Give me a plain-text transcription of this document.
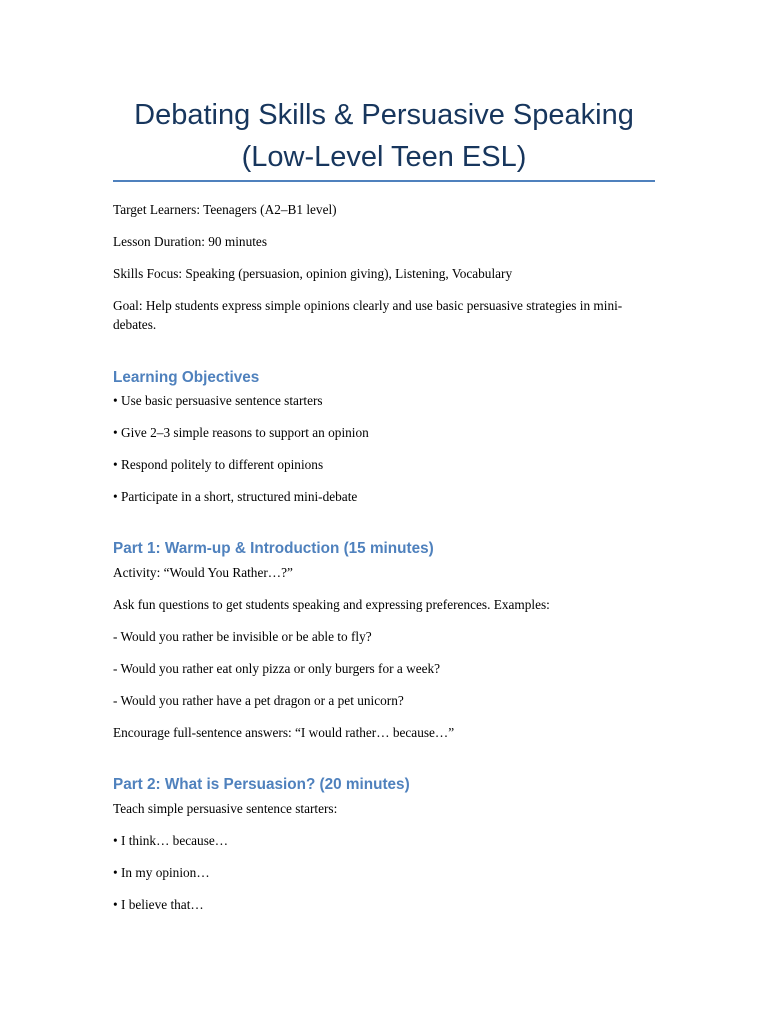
Debating Skills & Persuasive Speaking
(Low-Level Teen ESL)

Target Learners: Teenagers (A2–B1 level)

Lesson Duration: 90 minutes

Skills Focus: Speaking (persuasion, opinion giving), Listening, Vocabulary

Goal: Help students express simple opinions clearly and use basic persuasive strategies in mini-debates.

Learning Objectives

• Use basic persuasive sentence starters

• Give 2–3 simple reasons to support an opinion

• Respond politely to different opinions

• Participate in a short, structured mini-debate

Part 1: Warm-up & Introduction (15 minutes)

Activity: “Would You Rather…?”

Ask fun questions to get students speaking and expressing preferences. Examples:

- Would you rather be invisible or be able to fly?

- Would you rather eat only pizza or only burgers for a week?

- Would you rather have a pet dragon or a pet unicorn?

Encourage full-sentence answers: “I would rather… because…”

Part 2: What is Persuasion? (20 minutes)

Teach simple persuasive sentence starters:

• I think… because…

• In my opinion…

• I believe that…
